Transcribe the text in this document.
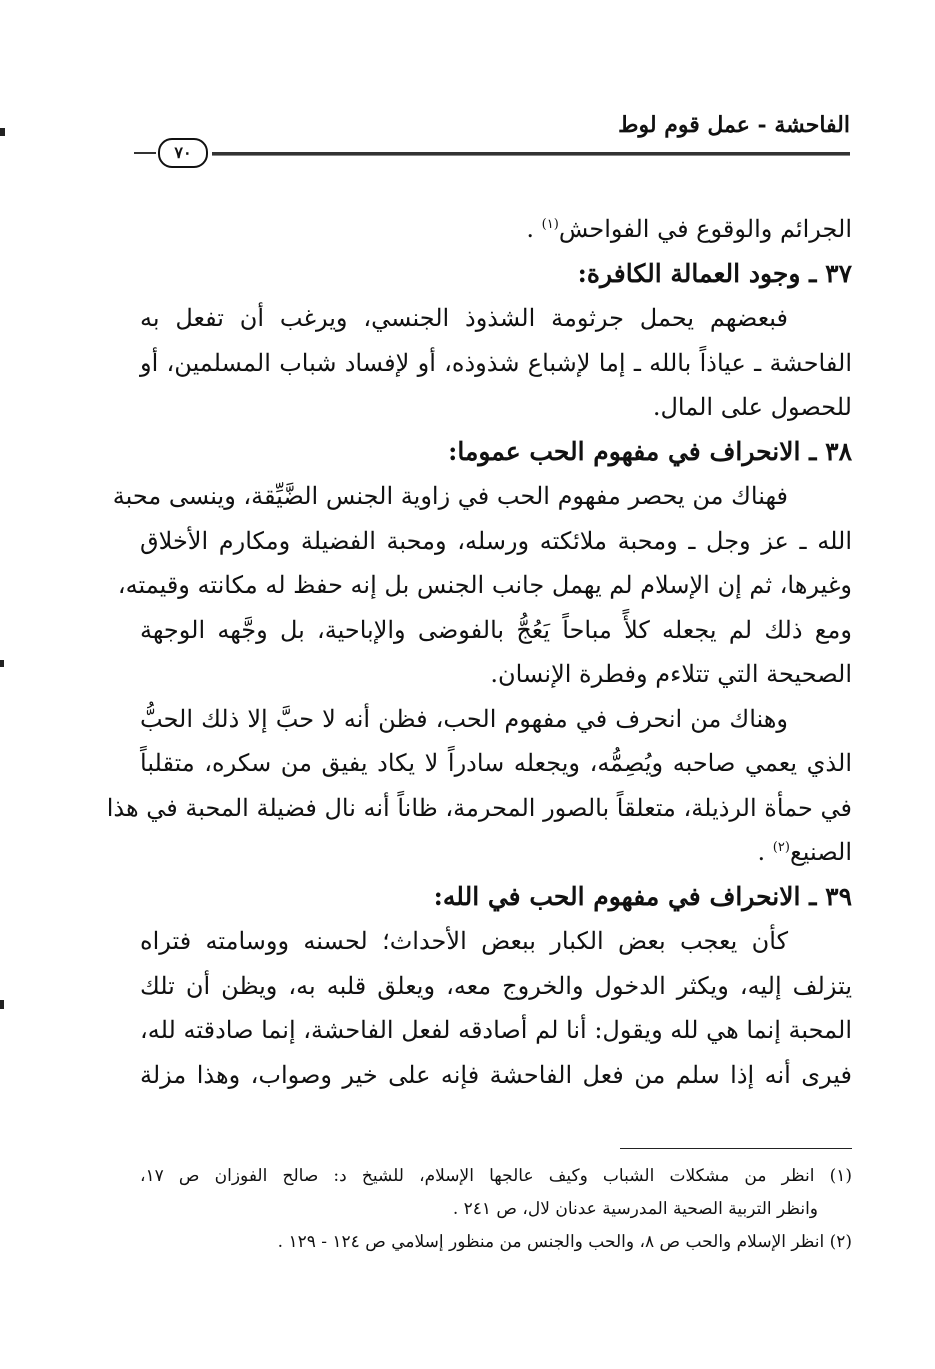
الفاحشة - عمل قوم لوط
٧٠
الجرائم والوقوع في الفواحش$^{(١)}$ .
٣٧ ـ وجود العمالة الكافرة:
فبعضهم يحمل جرثومة الشذوذ الجنسي، ويرغب أن تفعل به
الفاحشة ـ عياذاً بالله ـ إما لإشباع شذوذه، أو لإفساد شباب المسلمين، أو
للحصول على المال.
٣٨ ـ الانحراف في مفهوم الحب عموما:
فهناك من يحصر مفهوم الحب في زاوية الجنس الضَّيِّقة، وينسى محبة
الله ـ عز وجل ـ ومحبة ملائكته ورسله، ومحبة الفضيلة ومكارم الأخلاق
وغيرها، ثم إن الإسلام لم يهمل جانب الجنس بل إنه حفظ له مكانته وقيمته،
ومع ذلك لم يجعله كلأً مباحاً يَعُجُّ بالفوضى والإباحية، بل وجَّهه الوجهة
الصحيحة التي تتلاءم وفطرة الإنسان.
وهناك من انحرف في مفهوم الحب، فظن أنه لا حبَّ إلا ذلك الحبُّ
الذي يعمي صاحبه ويُصِمُّه، ويجعله سادراً لا يكاد يفيق من سكره، متقلباً
في حمأة الرذيلة، متعلقاً بالصور المحرمة، ظاناً أنه نال فضيلة المحبة في هذا
الصنيع$^{(٢)}$ .
٣٩ ـ الانحراف في مفهوم الحب في الله:
كأن يعجب بعض الكبار ببعض الأحداث؛ لحسنه ووسامته فتراه
يتزلف إليه، ويكثر الدخول والخروج معه، ويعلق قلبه به، ويظن أن تلك
المحبة إنما هي لله ويقول: أنا لم أصادقه لفعل الفاحشة، إنما صادقته لله،
فيرى أنه إذا سلم من فعل الفاحشة فإنه على خير وصواب، وهذا مزلة
(١) انظر من مشكلات الشباب وكيف عالجها الإسلام، للشيخ د: صالح الفوزان ص ١٧،
وانظر التربية الصحية المدرسية عدنان لال، ص ٢٤١ .
(٢) انظر الإسلام والحب ص ٨، والحب والجنس من منظور إسلامي ص ١٢٤ - ١٢٩ .
